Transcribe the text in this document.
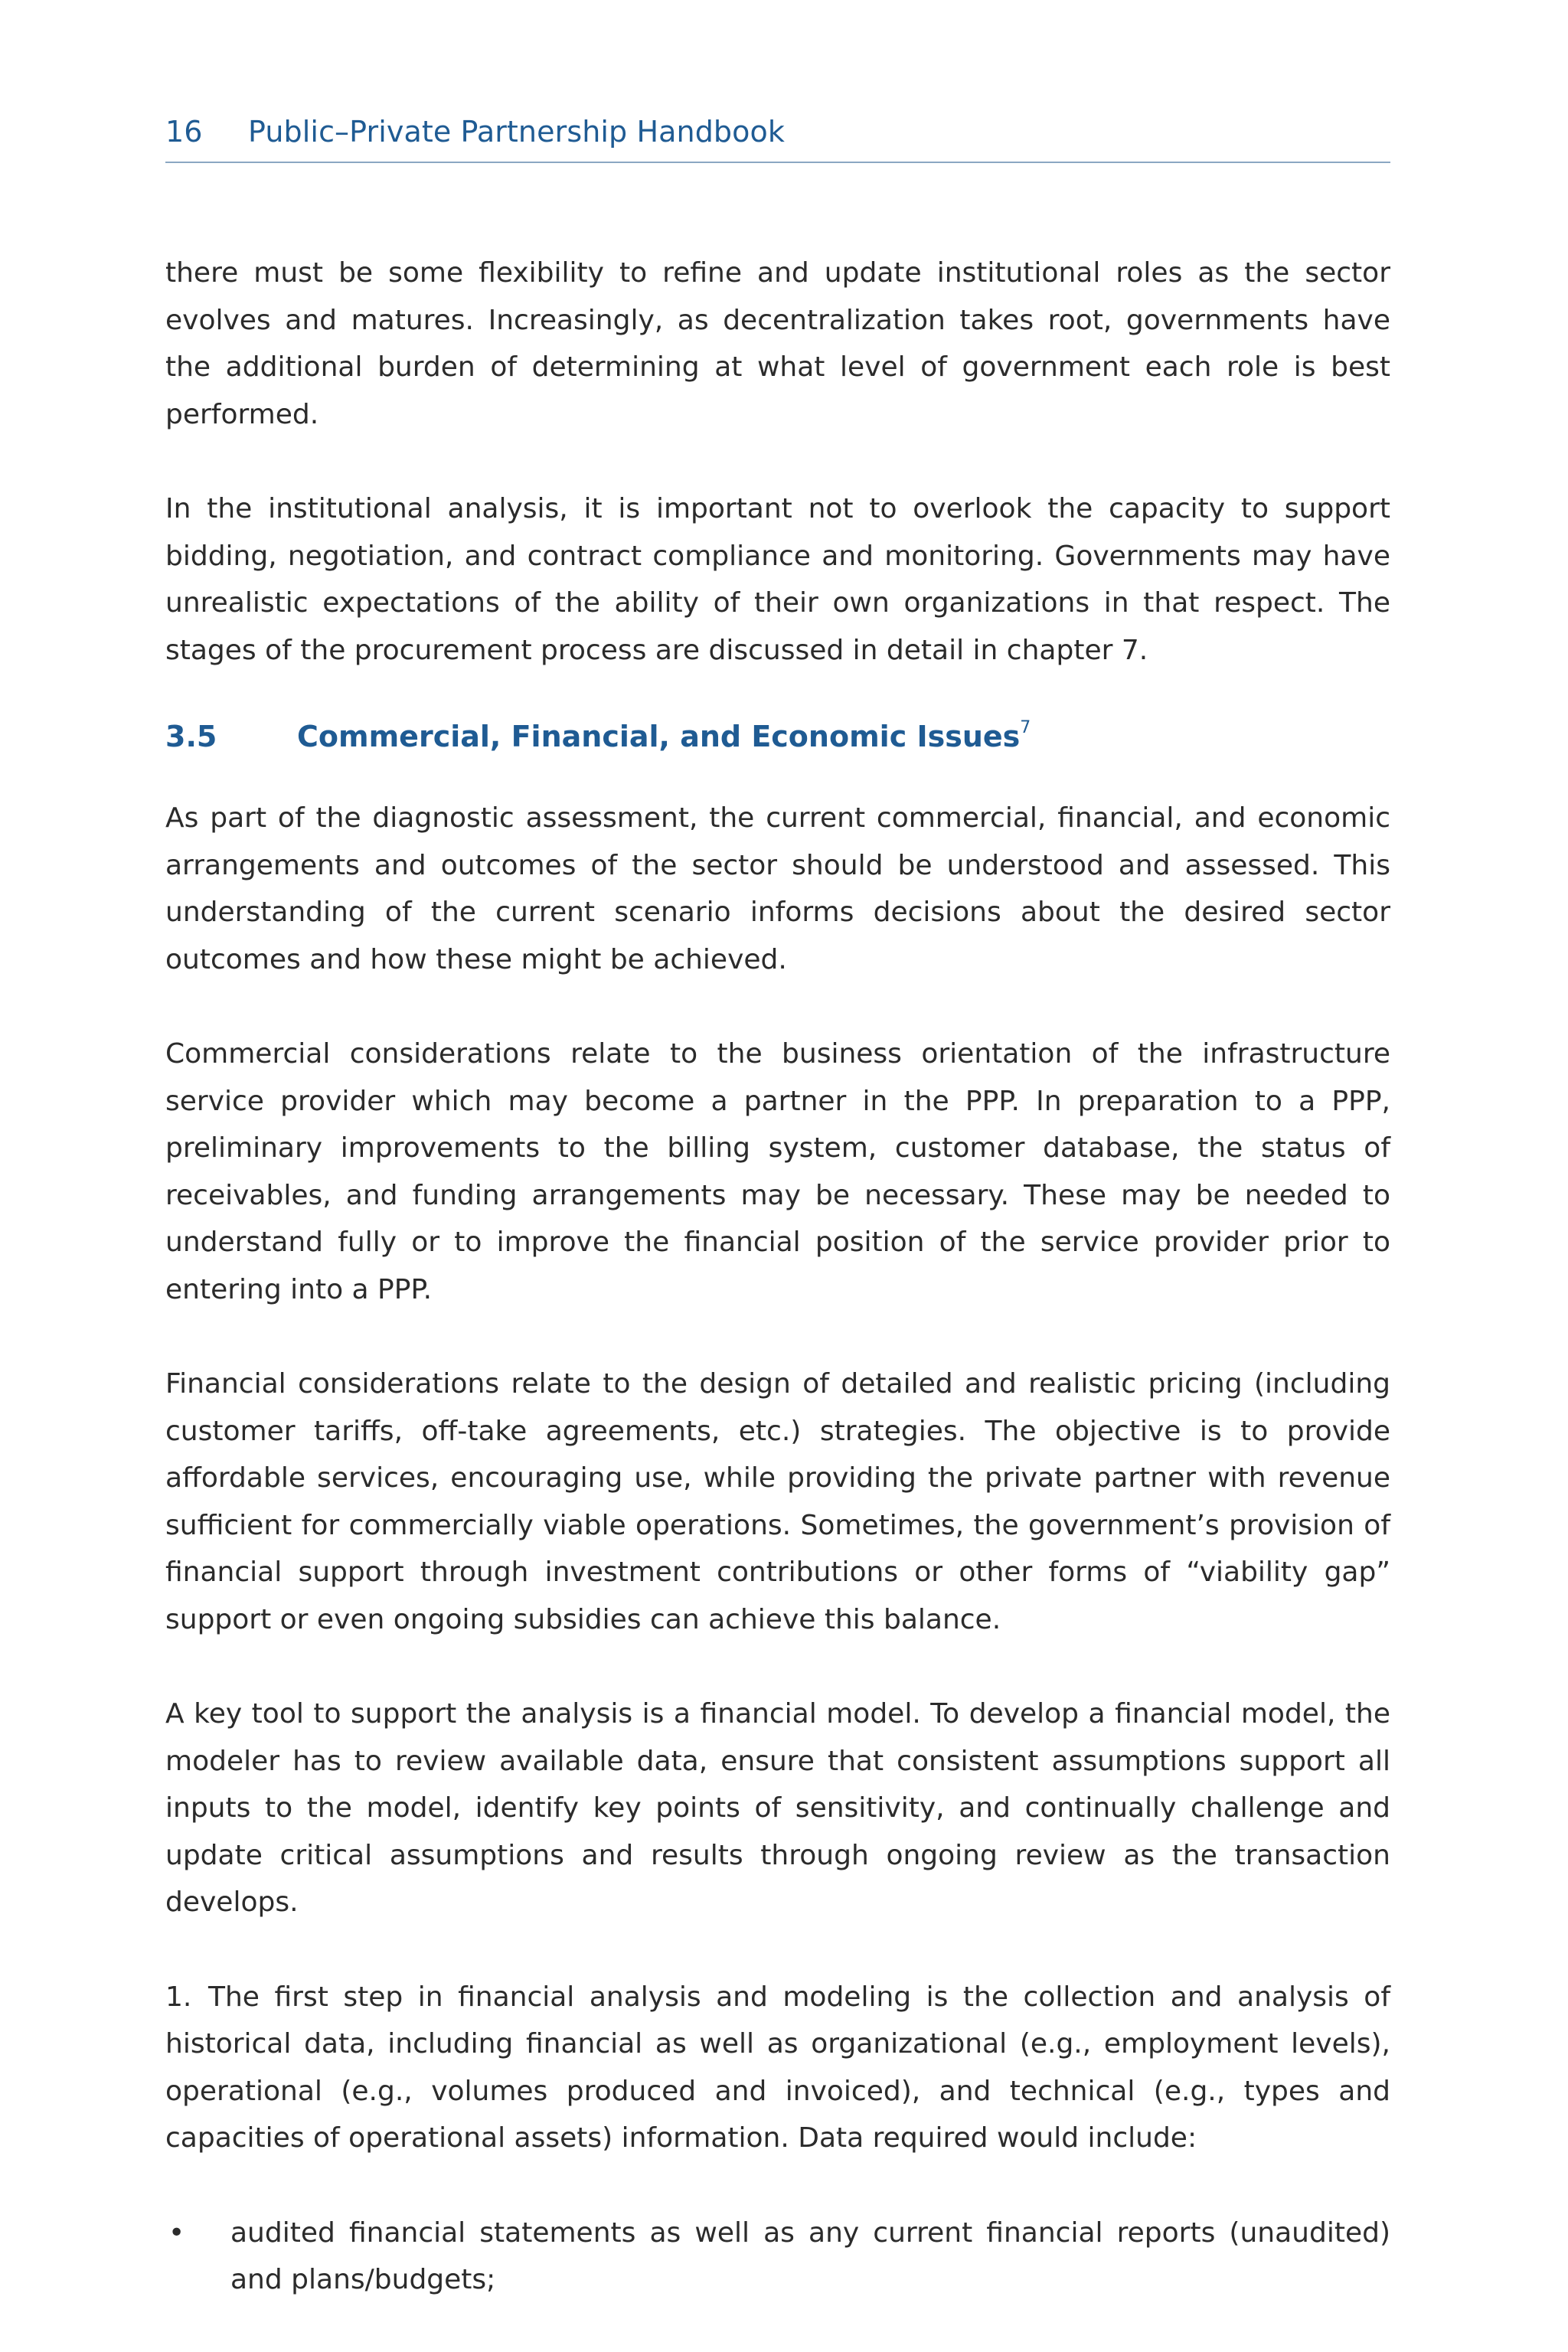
16 Public–Private Partnership Handbook

there must be some flexibility to refine and update institutional roles as the sector evolves and matures. Increasingly, as decentralization takes root, governments have the additional burden of determining at what level of government each role is best performed.

In the institutional analysis, it is important not to overlook the capacity to support bidding, negotiation, and contract compliance and monitoring. Governments may have unrealistic expectations of the ability of their own organizations in that respect. The stages of the procurement process are discussed in detail in chapter 7.

3.5	Commercial, Financial, and Economic Issues$^7$

As part of the diagnostic assessment, the current commercial, financial, and economic arrangements and outcomes of the sector should be understood and assessed. This understanding of the current scenario informs decisions about the desired sector outcomes and how these might be achieved.

Commercial considerations relate to the business orientation of the infrastructure service provider which may become a partner in the PPP. In preparation to a PPP, preliminary improvements to the billing system, customer database, the status of receivables, and funding arrangements may be necessary. These may be needed to understand fully or to improve the financial position of the service provider prior to entering into a PPP.

Financial considerations relate to the design of detailed and realistic pricing (including customer tariffs, off-take agreements, etc.) strategies. The objective is to provide affordable services, encouraging use, while providing the private partner with revenue sufficient for commercially viable operations. Sometimes, the government’s provision of financial support through investment contributions or other forms of “viability gap” support or even ongoing subsidies can achieve this balance.

A key tool to support the analysis is a financial model. To develop a financial model, the modeler has to review available data, ensure that consistent assumptions support all inputs to the model, identify key points of sensitivity, and continually challenge and update critical assumptions and results through ongoing review as the transaction develops.

1. The first step in financial analysis and modeling is the collection and analysis of historical data, including financial as well as organizational (e.g., employment levels), operational (e.g., volumes produced and invoiced), and technical (e.g., types and capacities of operational assets) information. Data required would include:

• audited financial statements as well as any current financial reports (unaudited) and plans/budgets;
